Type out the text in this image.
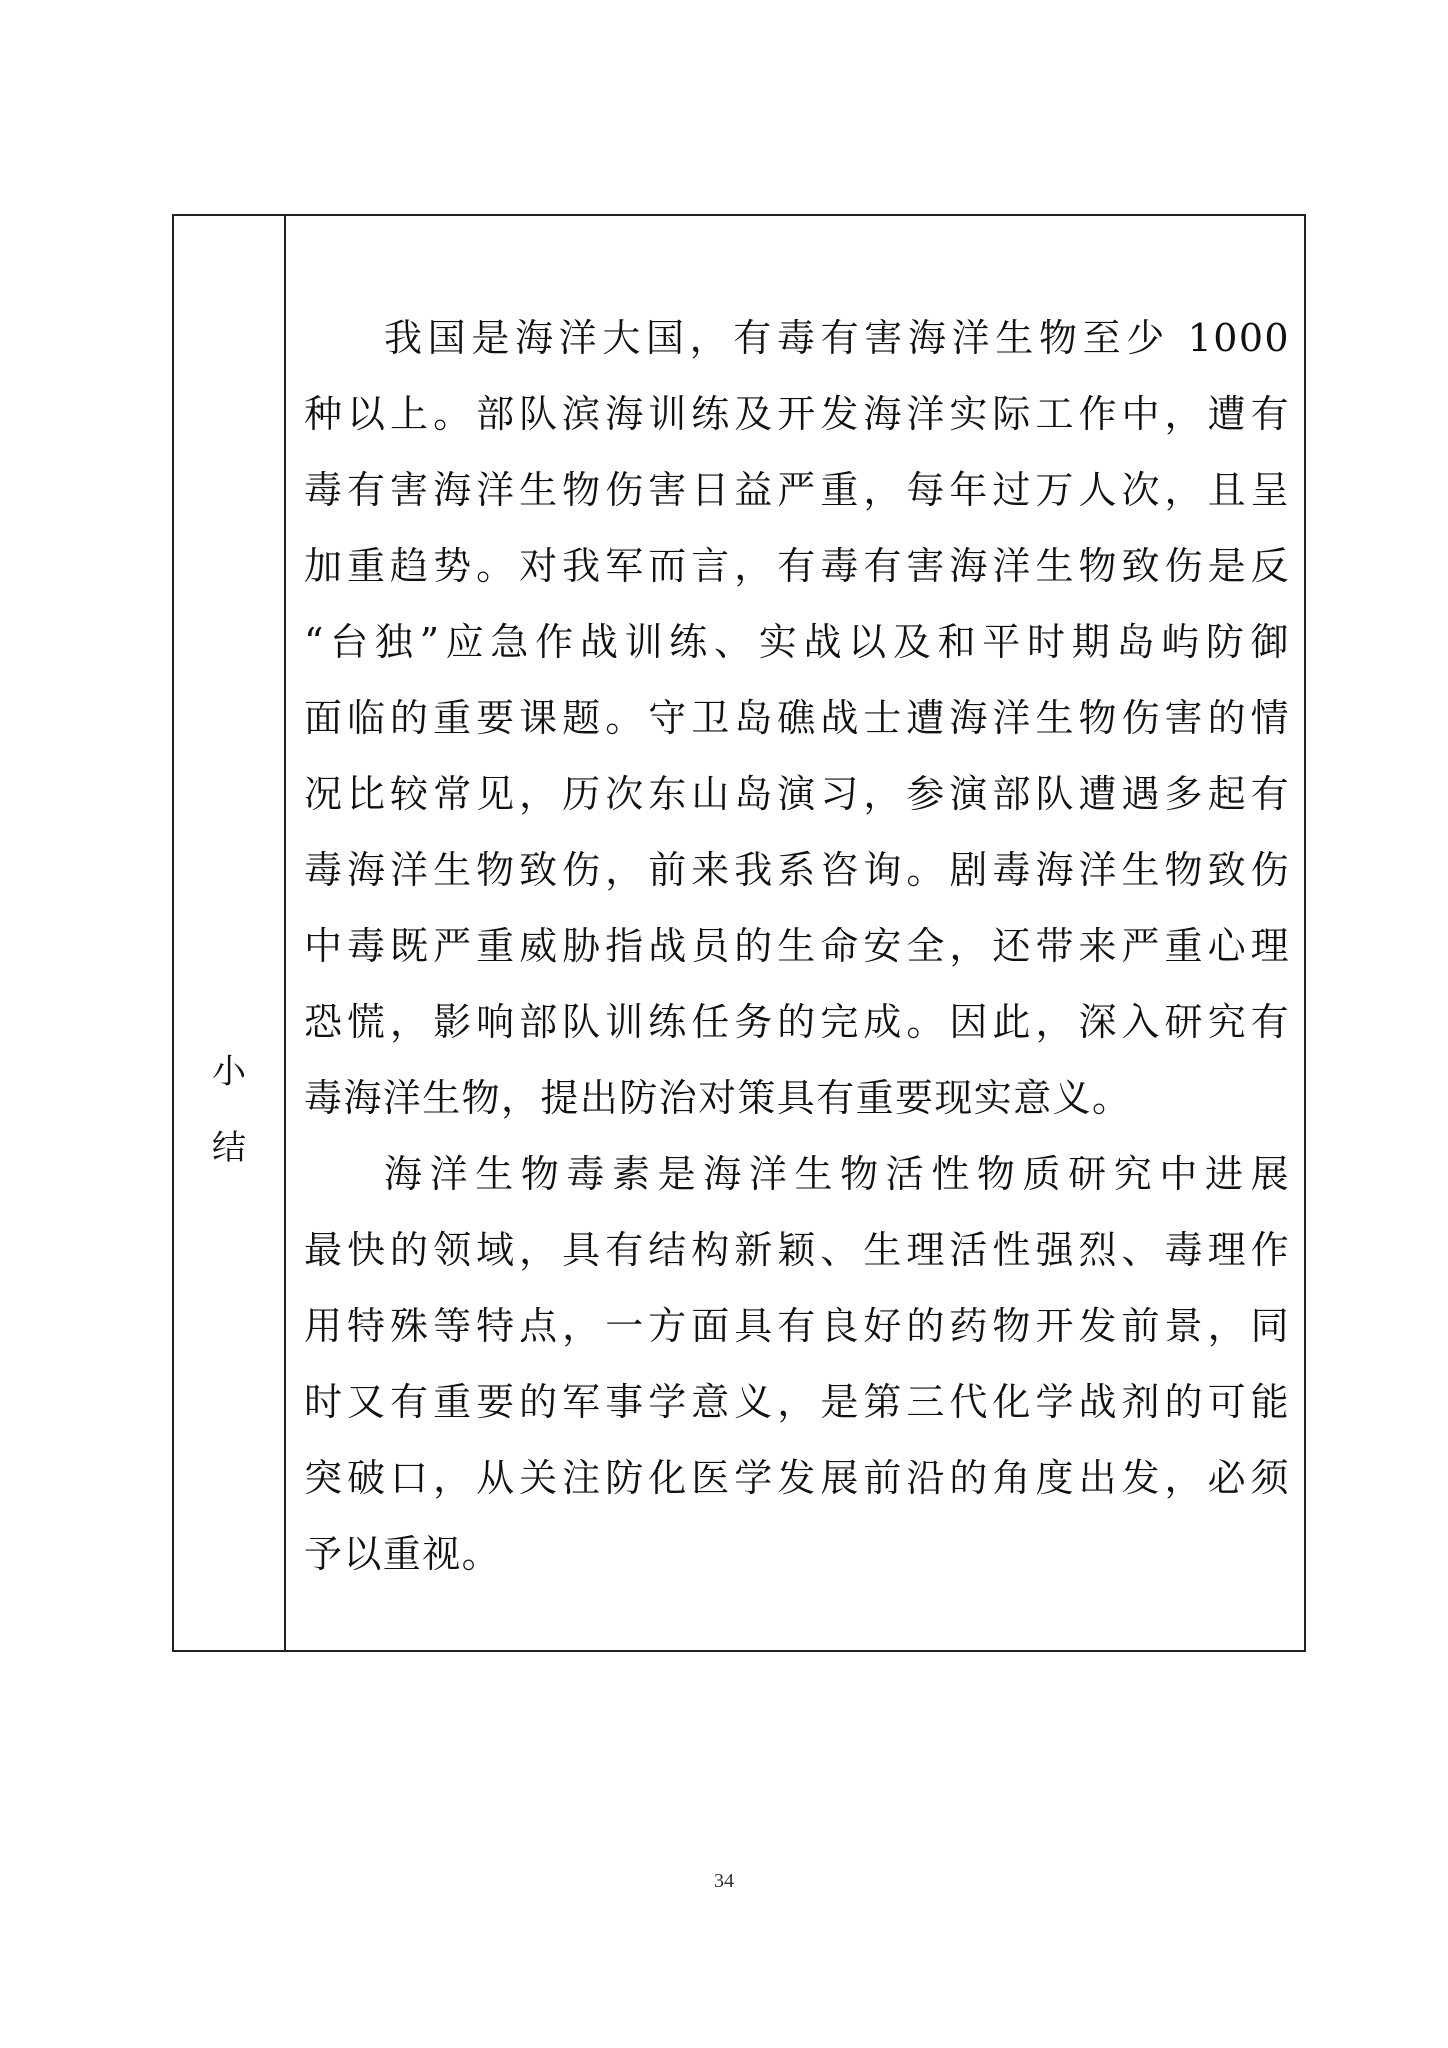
小
结
我国是海洋大国，有毒有害海洋生物至少 1000
种以上。部队滨海训练及开发海洋实际工作中，遭有
毒有害海洋生物伤害日益严重，每年过万人次，且呈
加重趋势。对我军而言，有毒有害海洋生物致伤是反
“台独”应急作战训练、实战以及和平时期岛屿防御
面临的重要课题。守卫岛礁战士遭海洋生物伤害的情
况比较常见，历次东山岛演习，参演部队遭遇多起有
毒海洋生物致伤，前来我系咨询。剧毒海洋生物致伤
中毒既严重威胁指战员的生命安全，还带来严重心理
恐慌，影响部队训练任务的完成。因此，深入研究有
毒海洋生物，提出防治对策具有重要现实意义。
海洋生物毒素是海洋生物活性物质研究中进展
最快的领域，具有结构新颖、生理活性强烈、毒理作
用特殊等特点，一方面具有良好的药物开发前景，同
时又有重要的军事学意义，是第三代化学战剂的可能
突破口，从关注防化医学发展前沿的角度出发，必须
予以重视。
34
